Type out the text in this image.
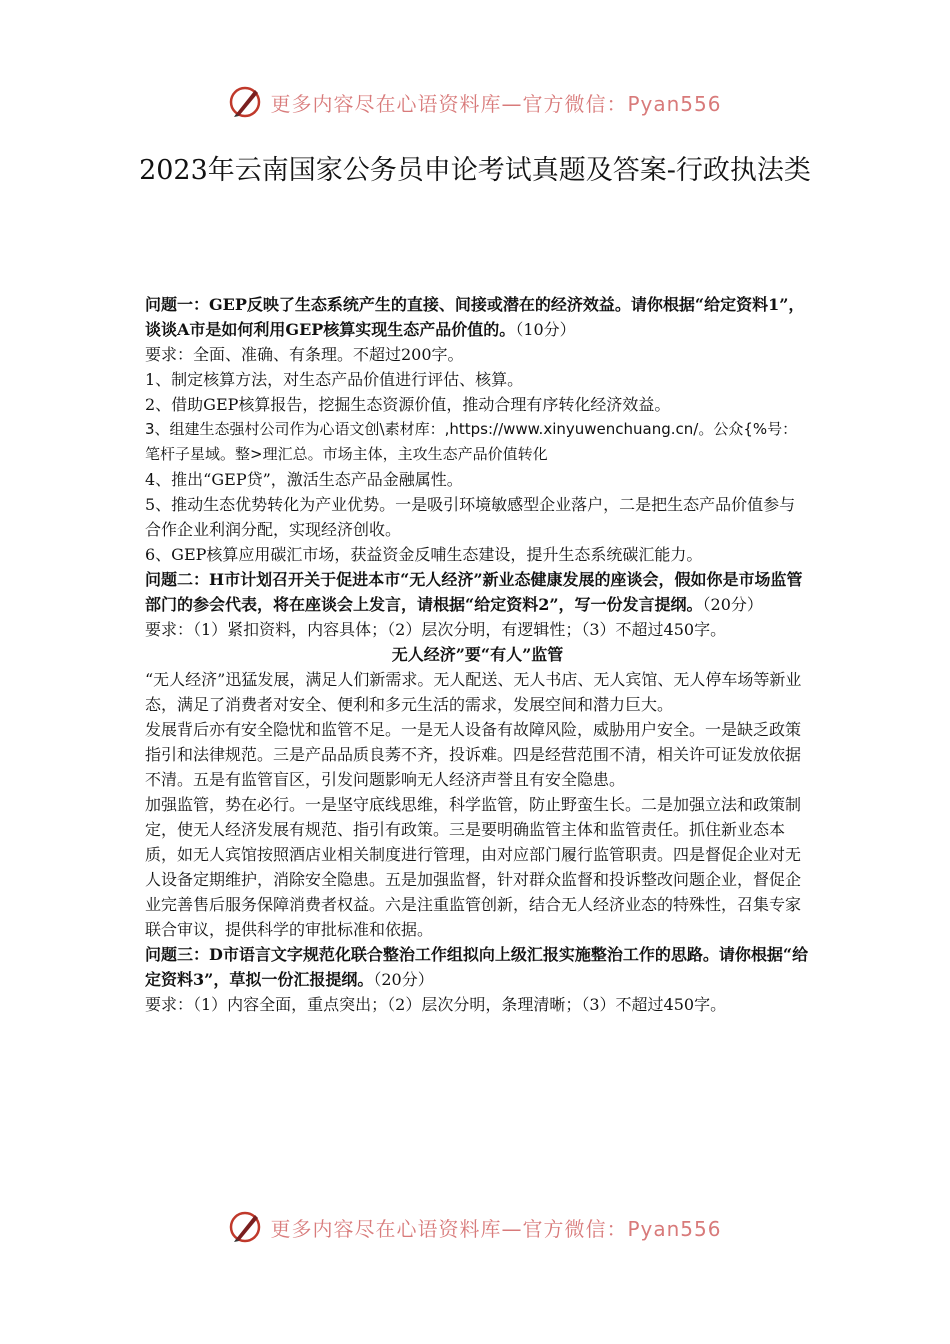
更多内容尽在心语资料库—官方微信：Pyan556
2023年云南国家公务员申论考试真题及答案-行政执法类

问题一：GEP反映了生态系统产生的直接、间接或潜在的经济效益。请你根据“给定资料1”，谈谈A市是如何利用GEP核算实现生态产品价值的。（10分）

要求：全面、准确、有条理。不超过200字。

1、制定核算方法，对生态产品价值进行评估、核算。

2、借助GEP核算报告，挖掘生态资源价值，推动合理有序转化经济效益。

3、组建生态强村公司作为心语文创\素材库：,https://www.xinyuwenchuang.cn/。公众{%号：笔杆子星域。整>理汇总。市场主体，主攻生态产品价值转化

4、推出“GEP贷”，激活生态产品金融属性。

5、推动生态优势转化为产业优势。一是吸引环境敏感型企业落户，二是把生态产品价值参与合作企业利润分配，实现经济创收。

6、GEP核算应用碳汇市场，获益资金反哺生态建设，提升生态系统碳汇能力。

问题二：H市计划召开关于促进本市“无人经济”新业态健康发展的座谈会，假如你是市场监管部门的参会代表，将在座谈会上发言，请根据“给定资料2”，写一份发言提纲。（20分）

要求：（1）紧扣资料，内容具体；（2）层次分明，有逻辑性；（3）不超过450字。

无人经济”要“有人”监管

“无人经济”迅猛发展，满足人们新需求。无人配送、无人书店、无人宾馆、无人停车场等新业态，满足了消费者对安全、便利和多元生活的需求，发展空间和潜力巨大。

发展背后亦有安全隐忧和监管不足。一是无人设备有故障风险，威胁用户安全。一是缺乏政策指引和法律规范。三是产品品质良莠不齐，投诉难。四是经营范围不清，相关许可证发放依据不清。五是有监管盲区，引发问题影响无人经济声誉且有安全隐患。

加强监管，势在必行。一是坚守底线思维，科学监管，防止野蛮生长。二是加强立法和政策制定，使无人经济发展有规范、指引有政策。三是要明确监管主体和监管责任。抓住新业态本质，如无人宾馆按照酒店业相关制度进行管理，由对应部门履行监管职责。四是督促企业对无人设备定期维护，消除安全隐患。五是加强监督，针对群众监督和投诉整改问题企业，督促企业完善售后服务保障消费者权益。六是注重监管创新，结合无人经济业态的特殊性，召集专家联合审议，提供科学的审批标准和依据。

问题三：D市语言文字规范化联合整治工作组拟向上级汇报实施整治工作的思路。请你根据“给定资料3”，草拟一份汇报提纲。（20分）

要求：（1）内容全面，重点突出；（2）层次分明，条理清晰；（3）不超过450字。

更多内容尽在心语资料库—官方微信：Pyan556
